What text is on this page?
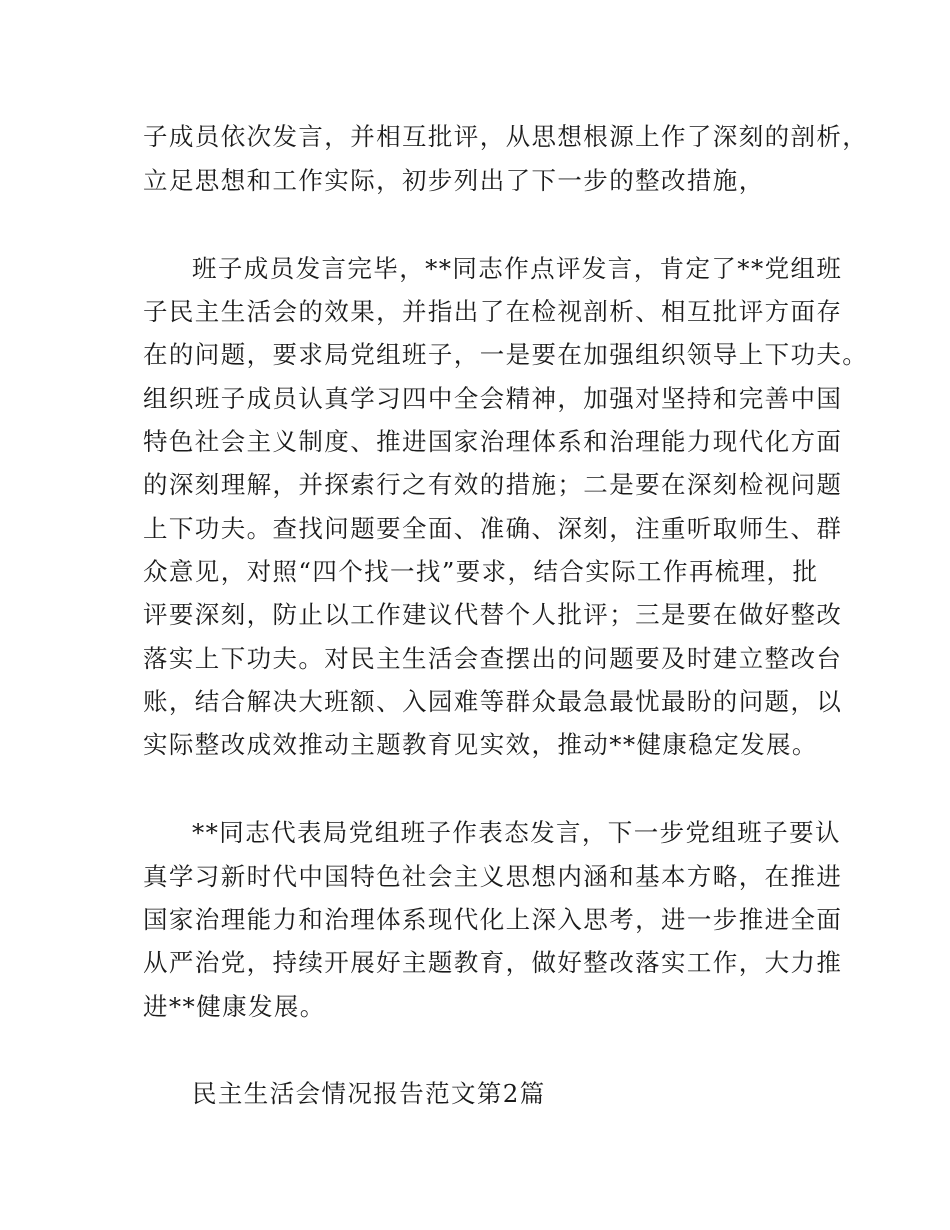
子成员依次发言，并相互批评，从思想根源上作了深刻的剖析，
立足思想和工作实际，初步列出了下一步的整改措施，
班子成员发言完毕，**同志作点评发言，肯定了**党组班
子民主生活会的效果，并指出了在检视剖析、相互批评方面存
在的问题，要求局党组班子，一是要在加强组织领导上下功夫。
组织班子成员认真学习四中全会精神，加强对坚持和完善中国
特色社会主义制度、推进国家治理体系和治理能力现代化方面
的深刻理解，并探索行之有效的措施；二是要在深刻检视问题
上下功夫。查找问题要全面、准确、深刻，注重听取师生、群
众意见，对照“四个找一找”要求，结合实际工作再梳理，批
评要深刻，防止以工作建议代替个人批评；三是要在做好整改
落实上下功夫。对民主生活会查摆出的问题要及时建立整改台
账，结合解决大班额、入园难等群众最急最忧最盼的问题，以
实际整改成效推动主题教育见实效，推动**健康稳定发展。
**同志代表局党组班子作表态发言，下一步党组班子要认
真学习新时代中国特色社会主义思想内涵和基本方略，在推进
国家治理能力和治理体系现代化上深入思考，进一步推进全面
从严治党，持续开展好主题教育，做好整改落实工作，大力推
进**健康发展。
民主生活会情况报告范文第2篇
